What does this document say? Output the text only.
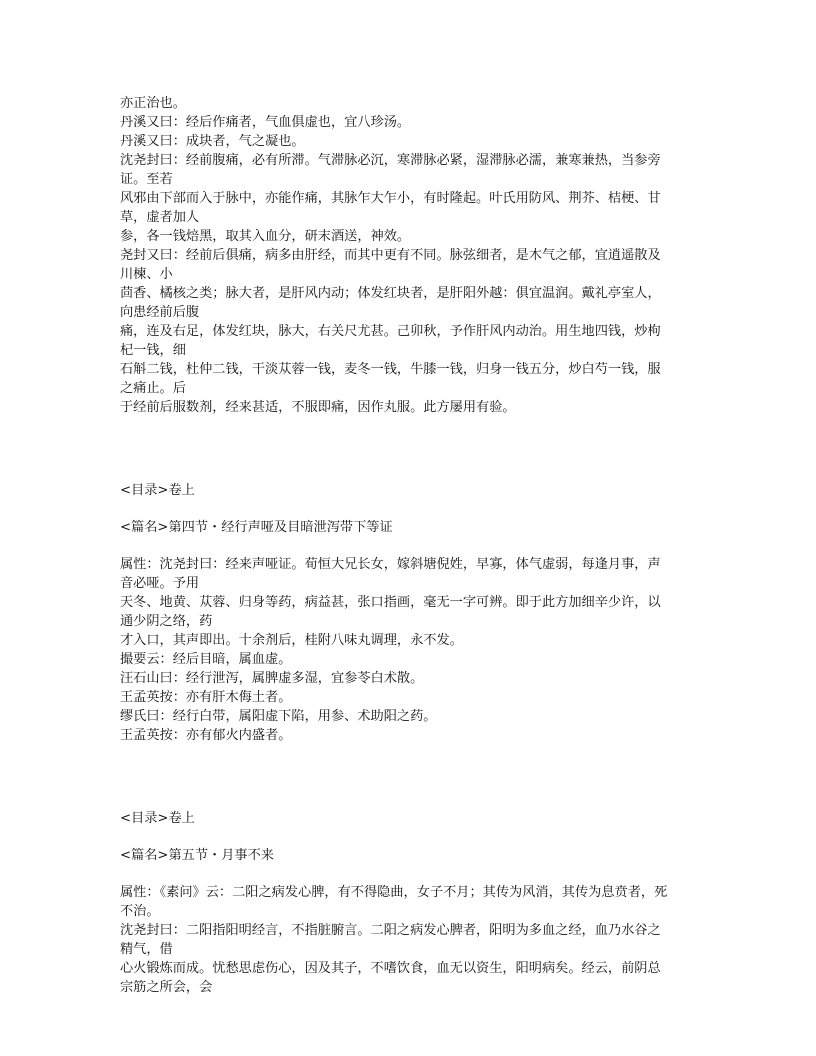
亦正治也。
丹溪又曰：经后作痛者，气血俱虚也，宜八珍汤。
丹溪又曰：成块者，气之凝也。
沈尧封曰：经前腹痛，必有所滞。气滞脉必沉，寒滞脉必紧，湿滞脉必濡，兼寒兼热，当参旁
证。至若
风邪由下部而入于脉中，亦能作痛，其脉乍大乍小，有时隆起。叶氏用防风、荆芥、桔梗、甘
草，虚者加人
参，各一钱焙黑，取其入血分，研末酒送，神效。
尧封又曰：经前后俱痛，病多由肝经，而其中更有不同。脉弦细者，是木气之郁，宜逍遥散及
川楝、小
茴香、橘核之类；脉大者，是肝风内动；体发红块者，是肝阳外越：俱宜温润。戴礼亭室人，
向患经前后腹
痛，连及右足，体发红块，脉大，右关尺尤甚。己卯秋，予作肝风内动治。用生地四钱，炒枸
杞一钱，细
石斛二钱，杜仲二钱，干淡苁蓉一钱，麦冬一钱，牛膝一钱，归身一钱五分，炒白芍一钱，服
之痛止。后
于经前后服数剂，经来甚适，不服即痛，因作丸服。此方屡用有验。
<目录>卷上
<篇名>第四节・经行声哑及目暗泄泻带下等证
属性：沈尧封曰：经来声哑证。荀恒大兄长女，嫁斜塘倪姓，早寡，体气虚弱，每逢月事，声
音必哑。予用
天冬、地黄、苁蓉、归身等药，病益甚，张口指画，毫无一字可辨。即于此方加细辛少许，以
通少阴之络，药
才入口，其声即出。十余剂后，桂附八味丸调理，永不发。
撮要云：经后目暗，属血虚。
汪石山曰：经行泄泻，属脾虚多湿，宜参苓白术散。
王孟英按：亦有肝木侮土者。
缪氏曰：经行白带，属阳虚下陷，用参、术助阳之药。
王孟英按：亦有郁火内盛者。
<目录>卷上
<篇名>第五节・月事不来
属性：《素问》云：二阳之病发心脾，有不得隐曲，女子不月；其传为风消，其传为息贲者，死
不治。
沈尧封曰：二阳指阳明经言，不指脏腑言。二阳之病发心脾者，阳明为多血之经，血乃水谷之
精气，借
心火锻炼而成。忧愁思虑伤心，因及其子，不嗜饮食，血无以资生，阳明病矣。经云，前阴总
宗筋之所会，会
